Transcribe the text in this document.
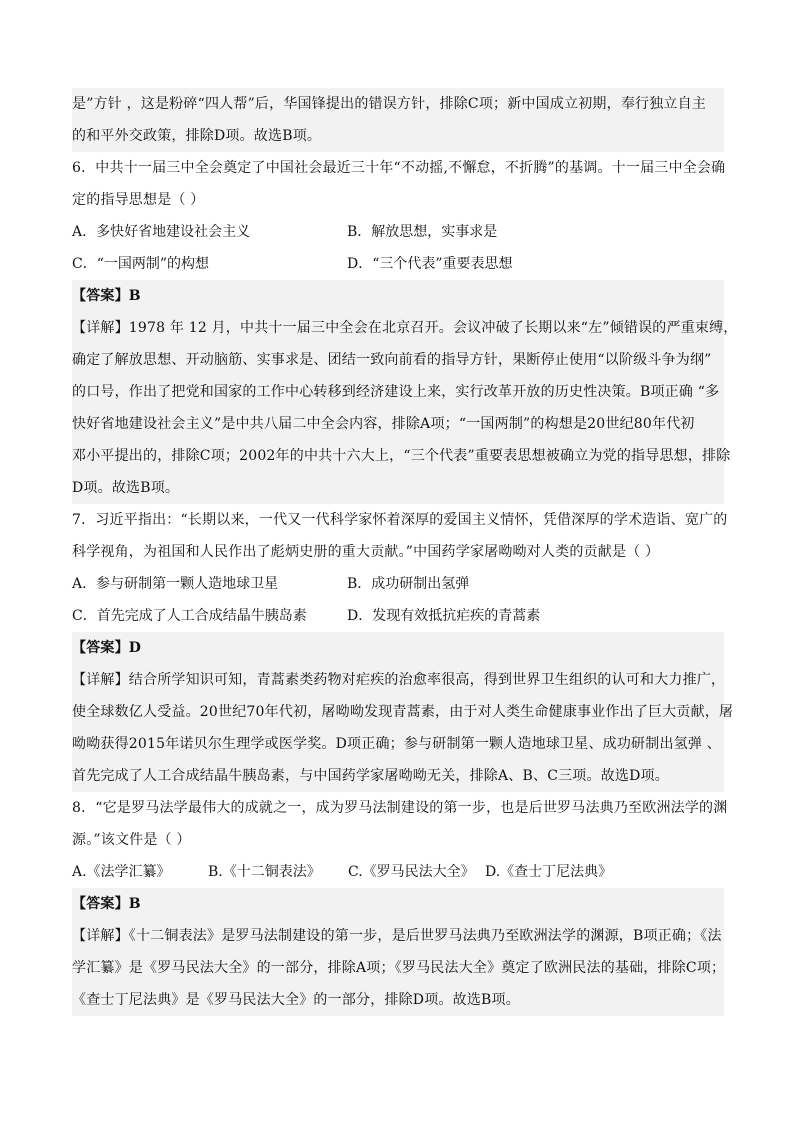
是”方针 ，这是粉碎“四人帮”后，华国锋提出的错误方针，排除C项；新中国成立初期，奉行独立自主
的和平外交政策，排除D项。故选B项。
6．中共十一届三中全会奠定了中国社会最近三十年“不动摇,不懈怠，不折腾”的基调。十一届三中全会确
定的指导思想是（ ）
A．多快好省地建设社会主义	B．解放思想，实事求是
C．“一国两制”的构想	D．“三个代表”重要表思想
【答案】B
【详解】1978 年 12 月，中共十一届三中全会在北京召开。会议冲破了长期以来“左”倾错误的严重束缚，
确定了解放思想、开动脑筋、实事求是、团结一致向前看的指导方针，果断停止使用“以阶级斗争为纲”
的口号，作出了把党和国家的工作中心转移到经济建设上来，实行改革开放的历史性决策。B项正确 “多
快好省地建设社会主义”是中共八届二中全会内容，排除A项；“一国两制”的构想是20世纪80年代初
邓小平提出的，排除C项；2002年的中共十六大上，“三个代表”重要表思想被确立为党的指导思想，排除
D项。故选B项。
7．习近平指出：“长期以来，一代又一代科学家怀着深厚的爱国主义情怀，凭借深厚的学术造诣、宽广的
科学视角，为祖国和人民作出了彪炳史册的重大贡献。”中国药学家屠呦呦对人类的贡献是（ ）
A．参与研制第一颗人造地球卫星	B．成功研制出氢弹
C．首先完成了人工合成结晶牛胰岛素	D．发现有效抵抗疟疾的青蒿素
【答案】D
【详解】结合所学知识可知，青蒿素类药物对疟疾的治愈率很高，得到世界卫生组织的认可和大力推广，
使全球数亿人受益。20世纪70年代初，屠呦呦发现青蒿素，由于对人类生命健康事业作出了巨大贡献，屠
呦呦获得2015年诺贝尔生理学或医学奖。D项正确；参与研制第一颗人造地球卫星、成功研制出氢弹 、
首先完成了人工合成结晶牛胰岛素，与中国药学家屠呦呦无关，排除A、B、C三项。故选D项。
8．“它是罗马法学最伟大的成就之一，成为罗马法制建设的第一步，也是后世罗马法典乃至欧洲法学的渊
源。”该文件是（ ）
A.《法学汇纂》	B.《十二铜表法》	C.《罗马民法大全》 D.《查士丁尼法典》
【答案】B
【详解】《十二铜表法》是罗马法制建设的第一步，是后世罗马法典乃至欧洲法学的渊源，B项正确；《法
学汇纂》是《罗马民法大全》的一部分，排除A项；《罗马民法大全》奠定了欧洲民法的基础，排除C项；
《查士丁尼法典》是《罗马民法大全》的一部分，排除D项。故选B项。
